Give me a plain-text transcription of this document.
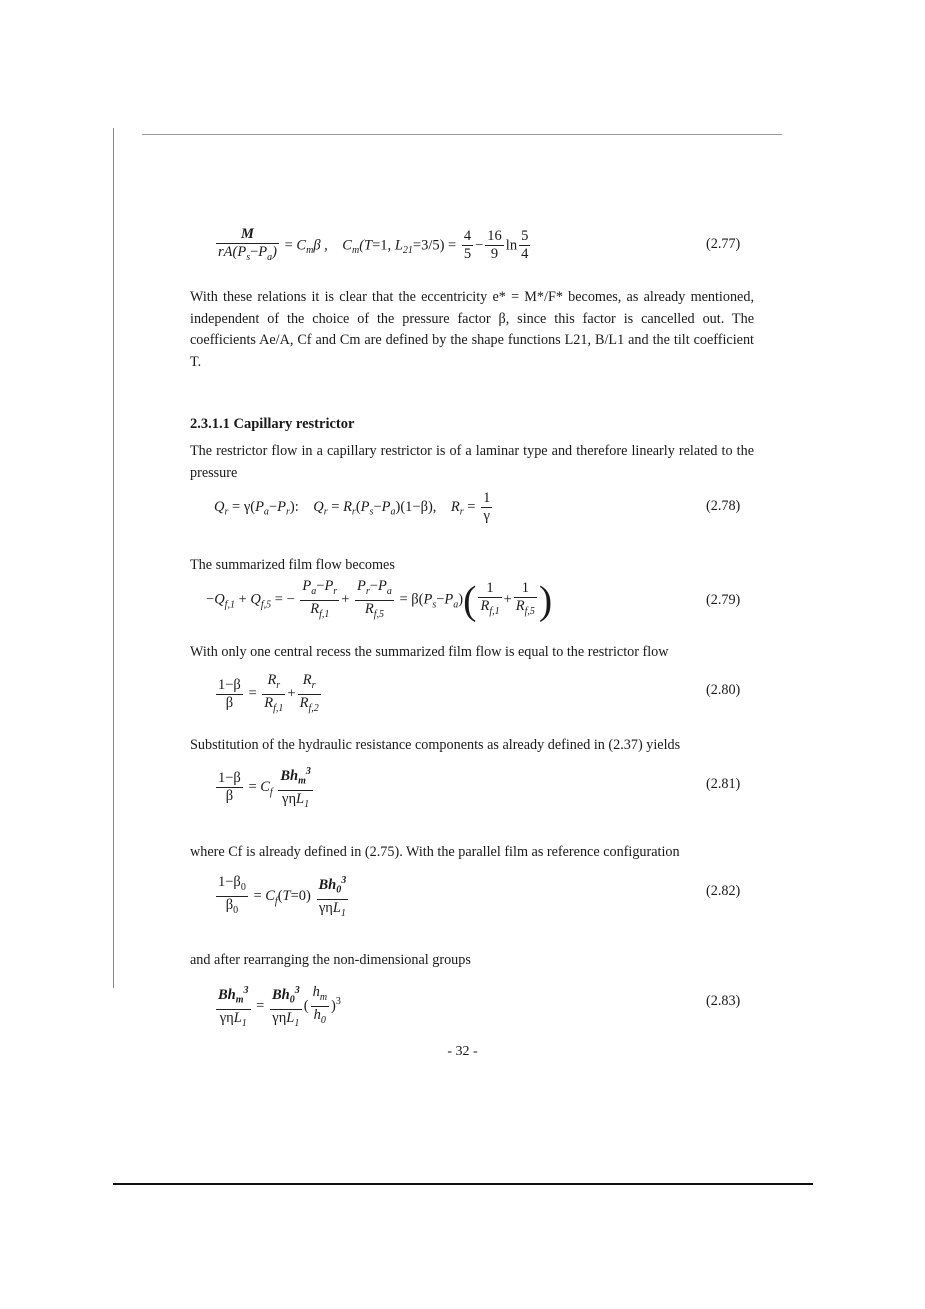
$\frac{M}{rA(P_s-P_a)} = C_m\beta$ ,    $C_m(T=1$, $L_{21}=3/5) = \frac{4}{5} - \frac{16}{9}$ $\ln \frac{5}{4}$	(2.77)
With these relations it is clear that the eccentricity e* = M*/F* becomes, as already mentioned, independent of the choice of the pressure factor β, since this factor is cancelled out. The coefficients Ae/A, Cf and Cm are defined by the shape functions L21, B/L1 and the tilt coefficient T.
2.3.1.1 Capillary restrictor
The restrictor flow in a capillary restrictor is of a laminar type and therefore linearly related to the pressure
$Q_r = \gamma(P_a-P_r)$:    $Q_r = R_r(P_s-P_a)(1-\beta)$,    $R_r = \frac{1}{\gamma}$	(2.78)
The summarized film flow becomes
$-Q_{f,1} + Q_{f,5}$ = − $\frac{P_a-P_r}{R_{f,1}} + \frac{P_r-P_a}{R_{f,5}} = \beta(P_s-P_a)( \frac{1}{R_{f,1}} + \frac{1}{R_{f,5}}$ )	(2.79)
With only one central recess the summarized film flow is equal to the restrictor flow
$\frac{1-\beta}{\beta} = \frac{R_r}{R_{f,1}} + \frac{R_r}{R_{f,2}}$	(2.80)
Substitution of the hydraulic resistance components as already defined in (2.37) yields
$\frac{1-\beta}{\beta} = C_f \frac{Bh_m^3}{\gamma\eta L_1}$	(2.81)
where Cf is already defined in (2.75). With the parallel film as reference configuration
$\frac{1-\beta_0}{\beta_0} = C_f(T=0) \frac{Bh_0^3}{\gamma\eta L_1}$	(2.82)
and after rearranging the non-dimensional groups
$\frac{Bh_m^3}{\gamma\eta L_1} = \frac{Bh_0^3}{\gamma\eta L_1}$ ( $\frac{h_m}{h_0} )^3$	(2.83)
- 32 -
